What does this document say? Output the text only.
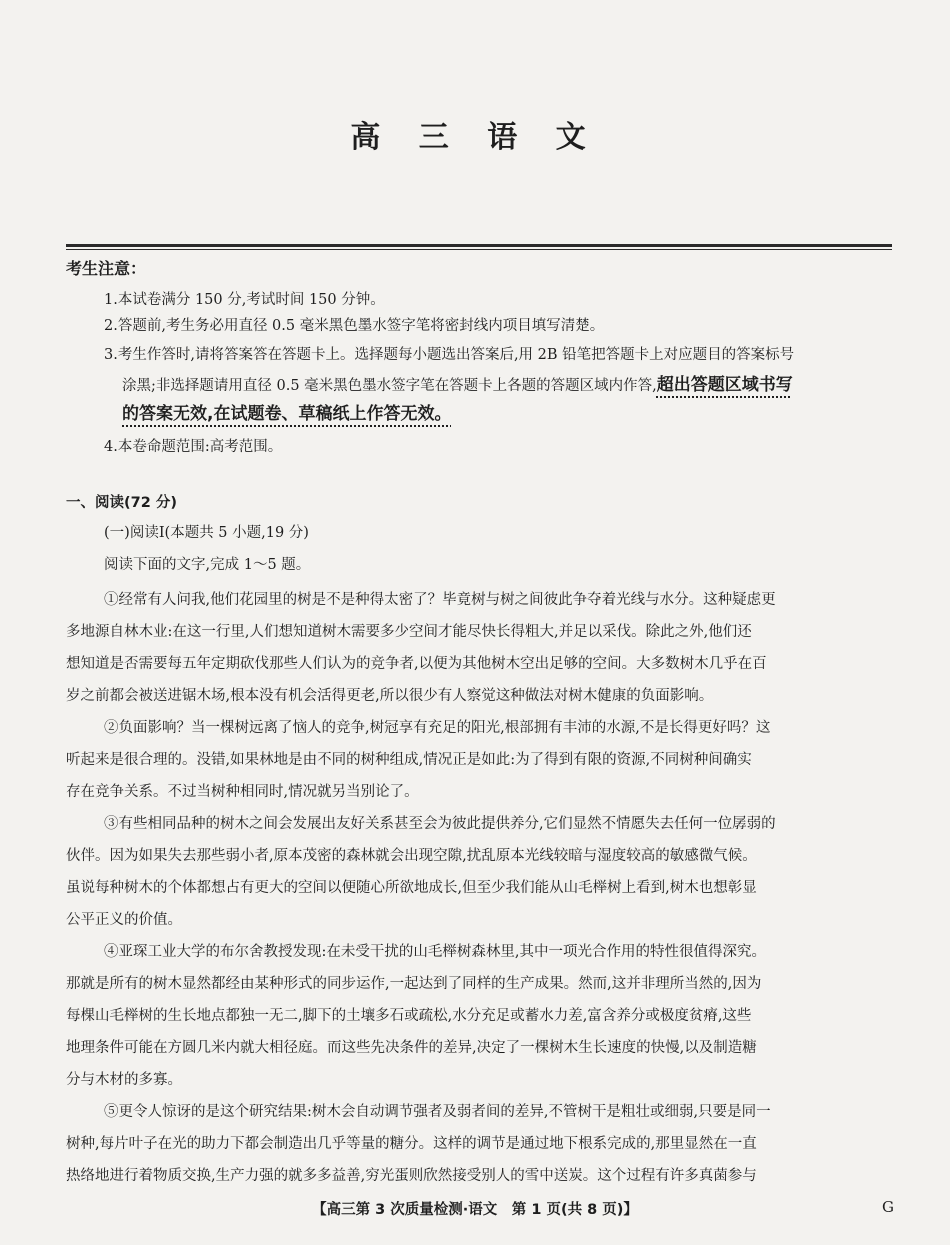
高 三 语 文
考生注意：
1.本试卷满分 150 分,考试时间 150 分钟。
2.答题前,考生务必用直径 0.5 毫米黑色墨水签字笔将密封线内项目填写清楚。
3.考生作答时,请将答案答在答题卡上。选择题每小题选出答案后,用 2B 铅笔把答题卡上对应题目的答案标号
涂黑;非选择题请用直径 0.5 毫米黑色墨水签字笔在答题卡上各题的答题区域内作答,超出答题区域书写
的答案无效,在试题卷、草稿纸上作答无效。
4.本卷命题范围:高考范围。
一、阅读(72 分)
(一)阅读Ⅰ(本题共 5 小题,19 分)
阅读下面的文字,完成 1～5 题。
①经常有人问我,他们花园里的树是不是种得太密了？毕竟树与树之间彼此争夺着光线与水分。这种疑虑更
多地源自林木业:在这一行里,人们想知道树木需要多少空间才能尽快长得粗大,并足以采伐。除此之外,他们还
想知道是否需要每五年定期砍伐那些人们认为的竞争者,以便为其他树木空出足够的空间。大多数树木几乎在百
岁之前都会被送进锯木场,根本没有机会活得更老,所以很少有人察觉这种做法对树木健康的负面影响。
②负面影响？当一棵树远离了恼人的竞争,树冠享有充足的阳光,根部拥有丰沛的水源,不是长得更好吗？这
听起来是很合理的。没错,如果林地是由不同的树种组成,情况正是如此:为了得到有限的资源,不同树种间确实
存在竞争关系。不过当树种相同时,情况就另当别论了。
③有些相同品种的树木之间会发展出友好关系甚至会为彼此提供养分,它们显然不情愿失去任何一位孱弱的
伙伴。因为如果失去那些弱小者,原本茂密的森林就会出现空隙,扰乱原本光线较暗与湿度较高的敏感微气候。
虽说每种树木的个体都想占有更大的空间以便随心所欲地成长,但至少我们能从山毛榉树上看到,树木也想彰显
公平正义的价值。
④亚琛工业大学的布尔舍教授发现:在未受干扰的山毛榉树森林里,其中一项光合作用的特性很值得深究。
那就是所有的树木显然都经由某种形式的同步运作,一起达到了同样的生产成果。然而,这并非理所当然的,因为
每棵山毛榉树的生长地点都独一无二,脚下的土壤多石或疏松,水分充足或蓄水力差,富含养分或极度贫瘠,这些
地理条件可能在方圆几米内就大相径庭。而这些先决条件的差异,决定了一棵树木生长速度的快慢,以及制造糖
分与木材的多寡。
⑤更令人惊讶的是这个研究结果:树木会自动调节强者及弱者间的差异,不管树干是粗壮或细弱,只要是同一
树种,每片叶子在光的助力下都会制造出几乎等量的糖分。这样的调节是通过地下根系完成的,那里显然在一直
热络地进行着物质交换,生产力强的就多多益善,穷光蛋则欣然接受别人的雪中送炭。这个过程有许多真菌参与
【高三第 3 次质量检测·语文　第 1 页(共 8 页)】	G
